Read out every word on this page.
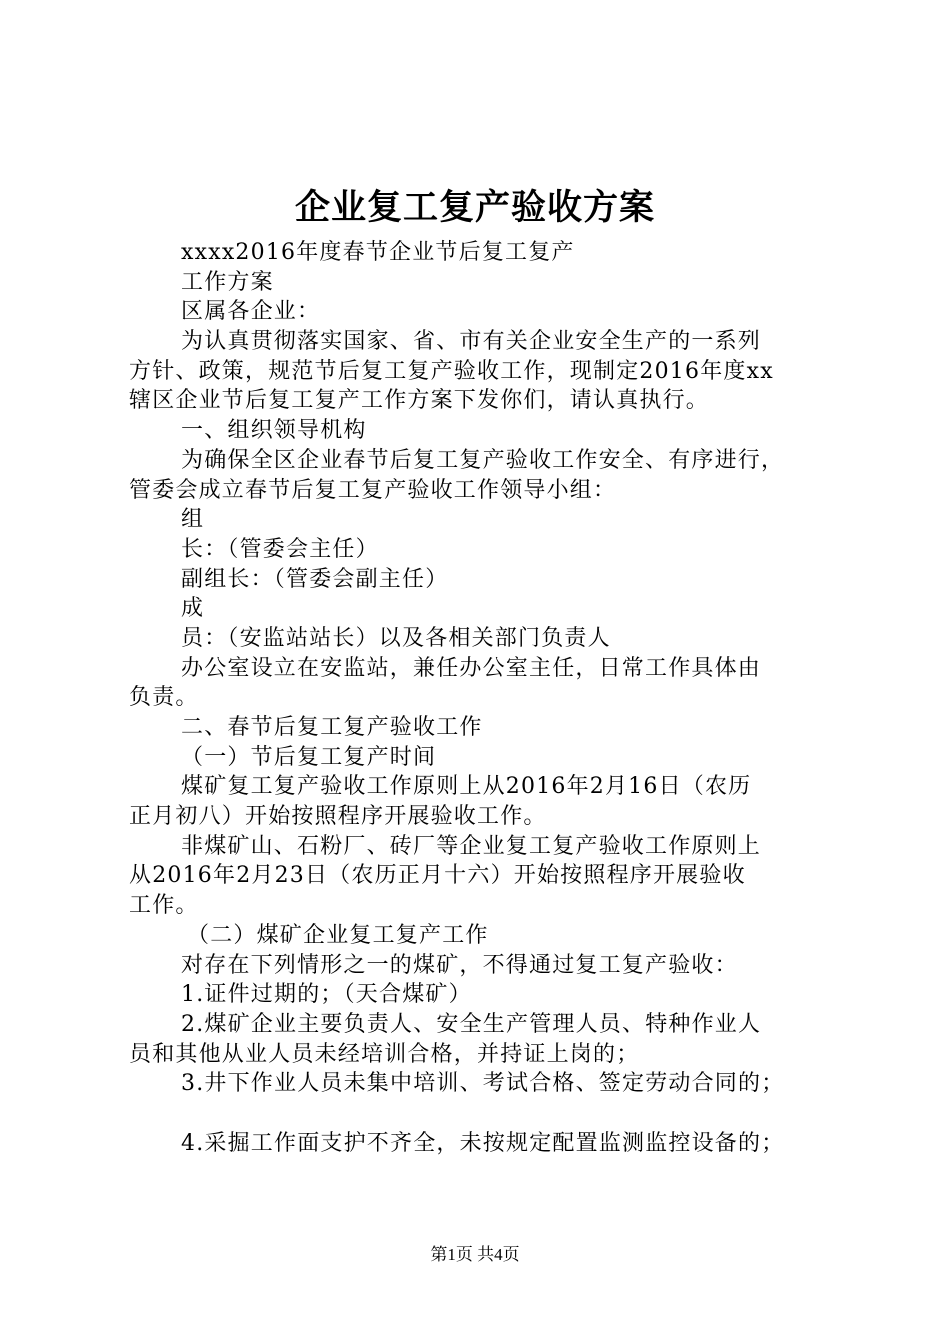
企业复工复产验收方案
xxxx2016年度春节企业节后复工复产
工作方案
区属各企业：
为认真贯彻落实国家、省、市有关企业安全生产的一系列
方针、政策，规范节后复工复产验收工作，现制定2016年度xx
辖区企业节后复工复产工作方案下发你们，请认真执行。
一、组织领导机构
为确保全区企业春节后复工复产验收工作安全、有序进行，
管委会成立春节后复工复产验收工作领导小组：
组
长：（管委会主任）
副组长：（管委会副主任）
成
员：（安监站站长）以及各相关部门负责人
办公室设立在安监站，兼任办公室主任，日常工作具体由
负责。
二、春节后复工复产验收工作
（一）节后复工复产时间
煤矿复工复产验收工作原则上从2016年2月16日（农历
正月初八）开始按照程序开展验收工作。
非煤矿山、石粉厂、砖厂等企业复工复产验收工作原则上
从2016年2月23日（农历正月十六）开始按照程序开展验收
工作。
（二）煤矿企业复工复产工作
对存在下列情形之一的煤矿，不得通过复工复产验收：
1.证件过期的；（天合煤矿）
2.煤矿企业主要负责人、安全生产管理人员、特种作业人
员和其他从业人员未经培训合格，并持证上岗的；
3.井下作业人员未集中培训、考试合格、签定劳动合同的；
4.采掘工作面支护不齐全，未按规定配置监测监控设备的；
第1页 共4页
